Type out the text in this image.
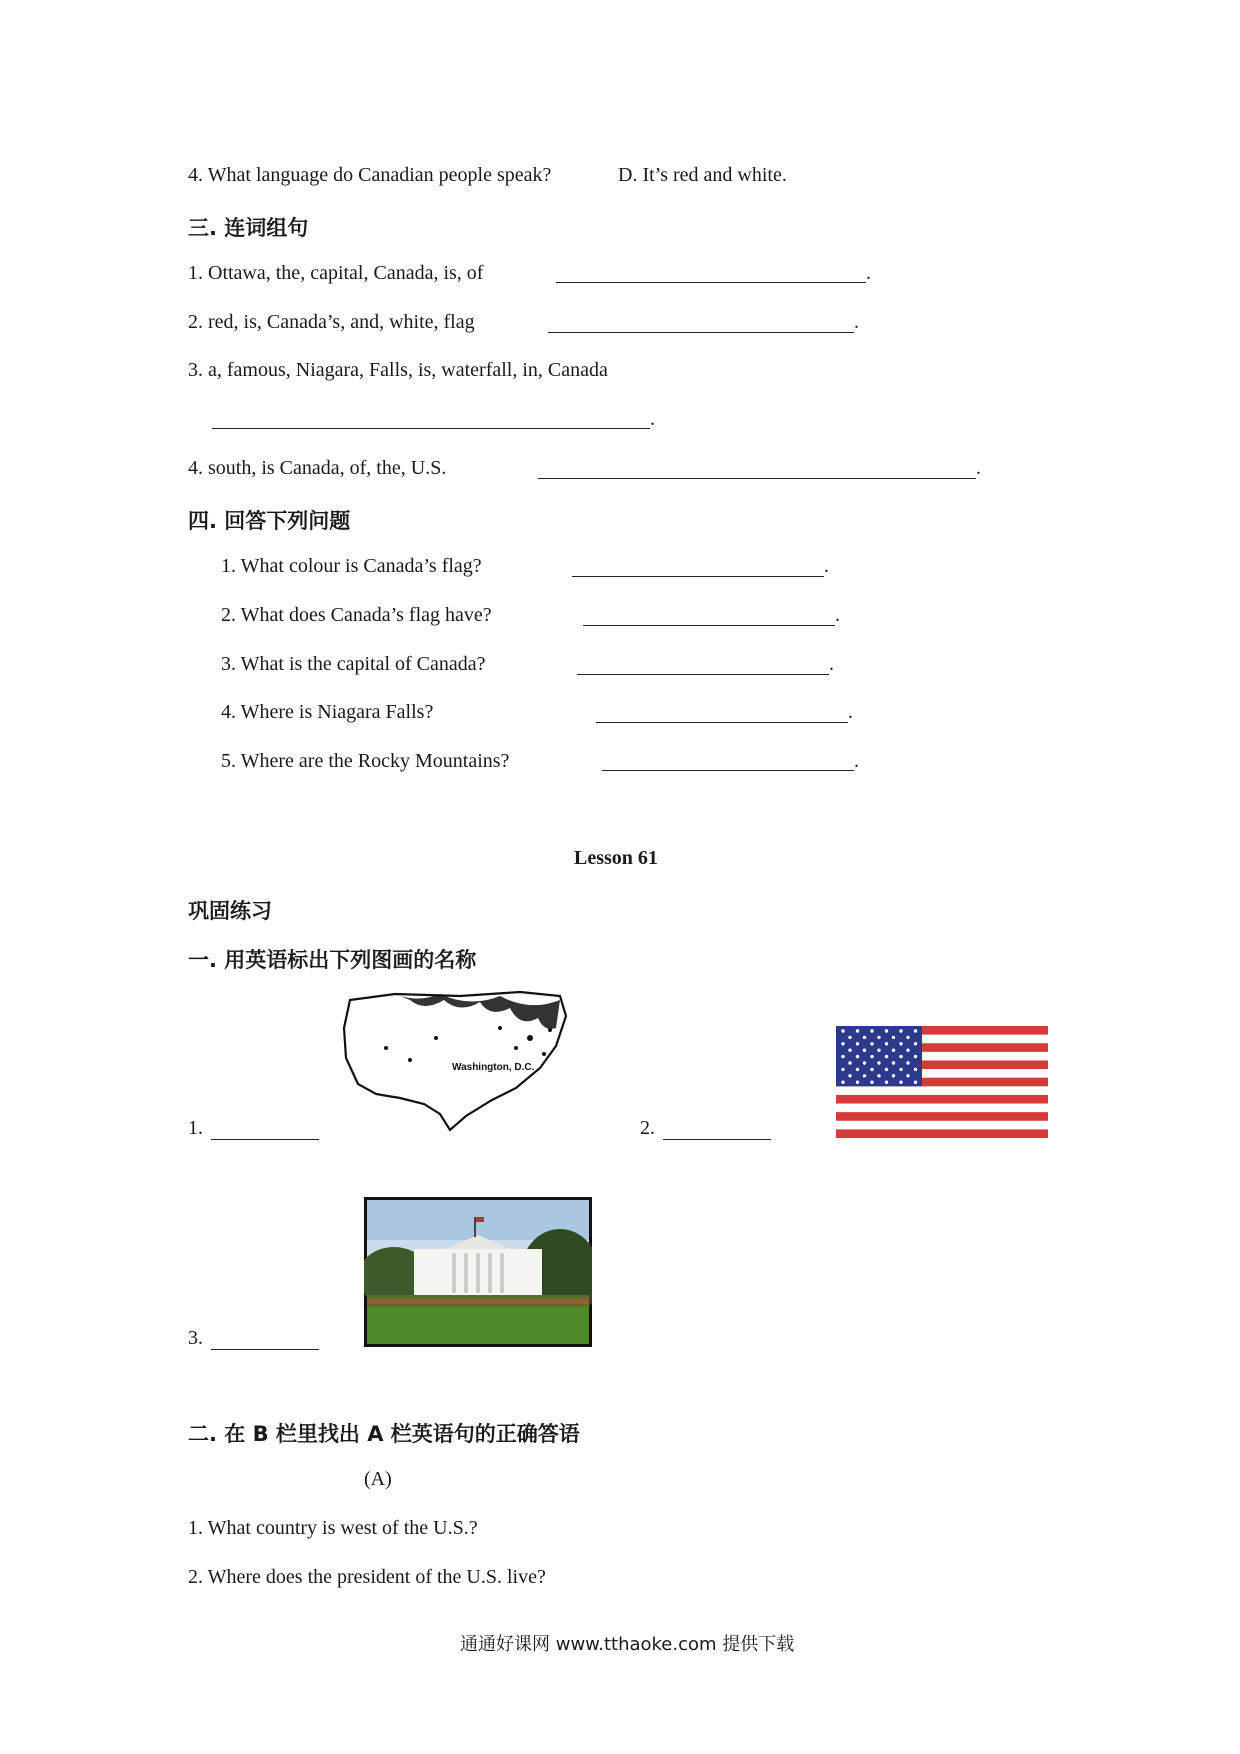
4. What language do Canadian people speak?	D. It’s red and white.
三. 连词组句
1. Ottawa, the, capital, Canada, is, of	.
2. red, is, Canada’s, and, white, flag	.
3. a, famous, Niagara, Falls, is, waterfall, in, Canada
.
4. south, is Canada, of, the, U.S.	.
四. 回答下列问题
1. What colour is Canada’s flag?	.
2. What does Canada’s flag have?	.
3. What is the capital of Canada?	.
4. Where is Niagara Falls?	.
5. Where are the Rocky Mountains?	.
Lesson 61
巩固练习
一. 用英语标出下列图画的名称
Washington, D.C.
1.	2.
3.
二. 在 B 栏里找出 A 栏英语句的正确答语
(A)
1. What country is west of the U.S.?
2. Where does the president of the U.S. live?
通通好课网 www.tthaoke.com 提供下载
